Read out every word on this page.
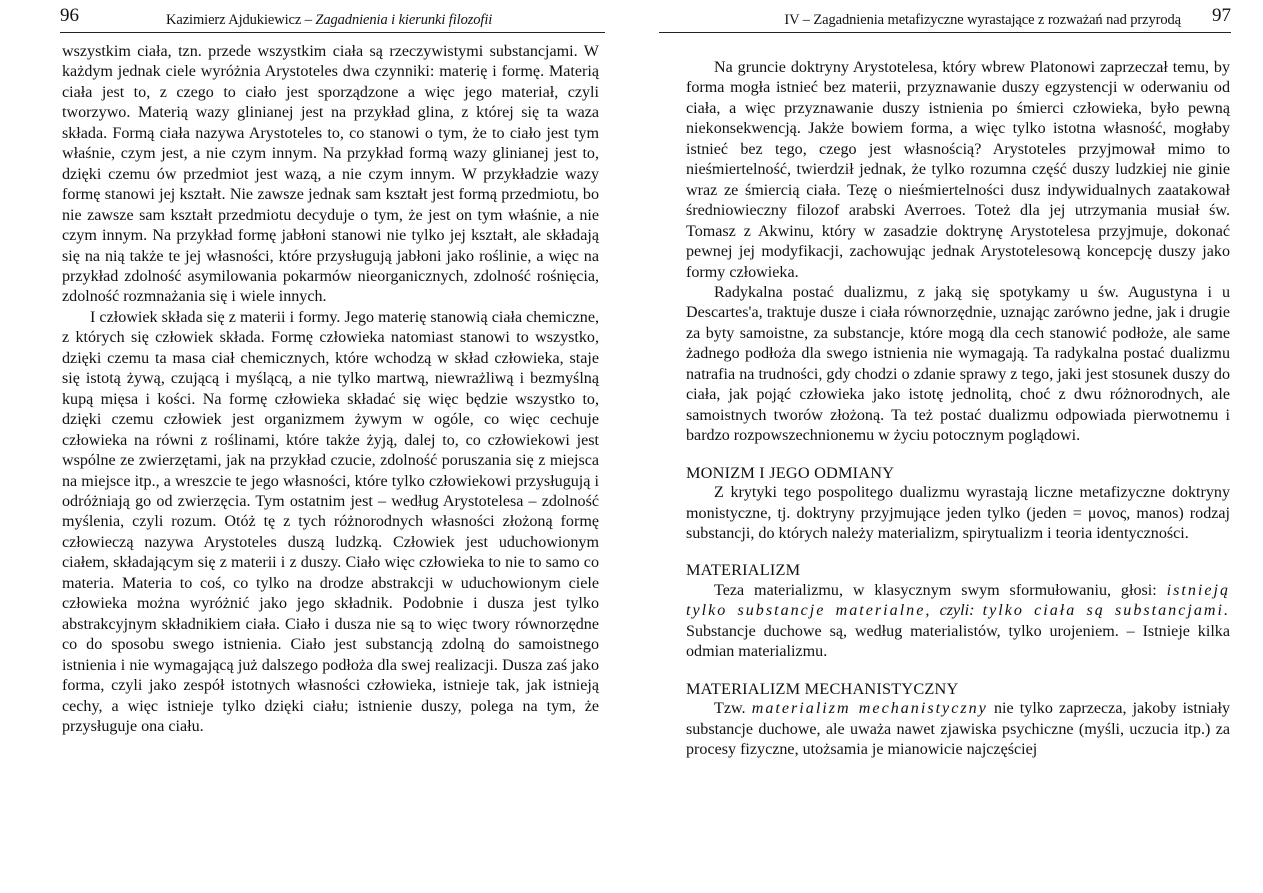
96	Kazimierz Ajdukiewicz – Zagadnienia i kierunki filozofii

wszystkim ciała, tzn. przede wszystkim ciała są rzeczywistymi substancjami. W każdym jednak ciele wyróżnia Arystoteles dwa czynniki: materię i formę. Materią ciała jest to, z czego to ciało jest sporządzone a więc jego materiał, czyli tworzywo. Materią wazy glinianej jest na przykład glina, z której się ta waza składa. Formą ciała nazywa Arystoteles to, co stanowi o tym, że to ciało jest tym właśnie, czym jest, a nie czym innym. Na przykład formą wazy glinianej jest to, dzięki czemu ów przedmiot jest wazą, a nie czym innym. W przykładzie wazy formę stanowi jej kształt. Nie zawsze jednak sam kształt jest formą przedmiotu, bo nie zawsze sam kształt przedmiotu decyduje o tym, że jest on tym właśnie, a nie czym innym. Na przykład formę jabłoni stanowi nie tylko jej kształt, ale składają się na nią także te jej własności, które przysługują jabłoni jako roślinie, a więc na przykład zdolność asymilowania pokarmów nieorganicznych, zdolność rośnięcia, zdolność rozmnażania się i wiele innych.

I człowiek składa się z materii i formy. Jego materię stanowią ciała chemiczne, z których się człowiek składa. Formę człowieka natomiast stanowi to wszystko, dzięki czemu ta masa ciał chemicznych, które wchodzą w skład człowieka, staje się istotą żywą, czującą i myślącą, a nie tylko martwą, niewrażliwą i bezmyślną kupą mięsa i kości. Na formę człowieka składać się więc będzie wszystko to, dzięki czemu człowiek jest organizmem żywym w ogóle, co więc cechuje człowieka na równi z roślinami, które także żyją, dalej to, co człowiekowi jest wspólne ze zwierzętami, jak na przykład czucie, zdolność poruszania się z miejsca na miejsce itp., a wreszcie te jego własności, które tylko człowiekowi przysługują i odróżniają go od zwierzęcia. Tym ostatnim jest – według Arystotelesa – zdolność myślenia, czyli rozum. Otóż tę z tych różnorodnych własności złożoną formę człowieczą nazywa Arystoteles duszą ludzką. Człowiek jest uduchowionym ciałem, składającym się z materii i z duszy. Ciało więc człowieka to nie to samo co materia. Materia to coś, co tylko na drodze abstrakcji w uduchowionym ciele człowieka można wyróżnić jako jego składnik. Podobnie i dusza jest tylko abstrakcyjnym składnikiem ciała. Ciało i dusza nie są to więc twory równorzędne co do sposobu swego istnienia. Ciało jest substancją zdolną do samoistnego istnienia i nie wymagającą już dalszego podłoża dla swej realizacji. Dusza zaś jako forma, czyli jako zespół istotnych własności człowieka, istnieje tak, jak istnieją cechy, a więc istnieje tylko dzięki ciału; istnienie duszy, polega na tym, że przysługuje ona ciału.

IV – Zagadnienia metafizyczne wyrastające z rozważań nad przyrodą 97

Na gruncie doktryny Arystotelesa, który wbrew Platonowi zaprzeczał temu, by forma mogła istnieć bez materii, przyznawanie duszy egzystencji w oderwaniu od ciała, a więc przyznawanie duszy istnienia po śmierci człowieka, było pewną niekonsekwencją. Jakże bowiem forma, a więc tylko istotna własność, mogłaby istnieć bez tego, czego jest własnością? Arystoteles przyjmował mimo to nieśmiertelność, twierdził jednak, że tylko rozumna część duszy ludzkiej nie ginie wraz ze śmiercią ciała. Tezę o nieśmiertelności dusz indywidualnych zaatakował średniowieczny filozof arabski Averroes. Toteż dla jej utrzymania musiał św. Tomasz z Akwinu, który w zasadzie doktrynę Arystotelesa przyjmuje, dokonać pewnej jej modyfikacji, zachowując jednak Arystotelesową koncepcję duszy jako formy człowieka.

Radykalna postać dualizmu, z jaką się spotykamy u św. Augustyna i u Descartes'a, traktuje dusze i ciała równorzędnie, uznając zarówno jedne, jak i drugie za byty samoistne, za substancje, które mogą dla cech stanowić podłoże, ale same żadnego podłoża dla swego istnienia nie wymagają. Ta radykalna postać dualizmu natrafia na trudności, gdy chodzi o zdanie sprawy z tego, jaki jest stosunek duszy do ciała, jak pojąć człowieka jako istotę jednolitą, choć z dwu różnorodnych, ale samoistnych tworów złożoną. Ta też postać dualizmu odpowiada pierwotnemu i bardzo rozpowszechnionemu w życiu potocznym poglądowi.

MONIZM I JEGO ODMIANY

Z krytyki tego pospolitego dualizmu wyrastają liczne metafizyczne doktryny monistyczne, tj. doktryny przyjmujące jeden tylko (jeden = μονος, manos) rodzaj substancji, do których należy materializm, spirytualizm i teoria identyczności.

MATERIALIZM

Teza materializmu, w klasycznym swym sformułowaniu, głosi: istnieją tylko substancje materialne, czyli: tylko ciała są substancjami. Substancje duchowe są, według materialistów, tylko urojeniem. – Istnieje kilka odmian materializmu.

MATERIALIZM MECHANISTYCZNY

Tzw. materializm mechanistyczny nie tylko zaprzecza, jakoby istniały substancje duchowe, ale uważa nawet zjawiska psychiczne (myśli, uczucia itp.) za procesy fizyczne, utożsamia je mianowicie najczęściej
